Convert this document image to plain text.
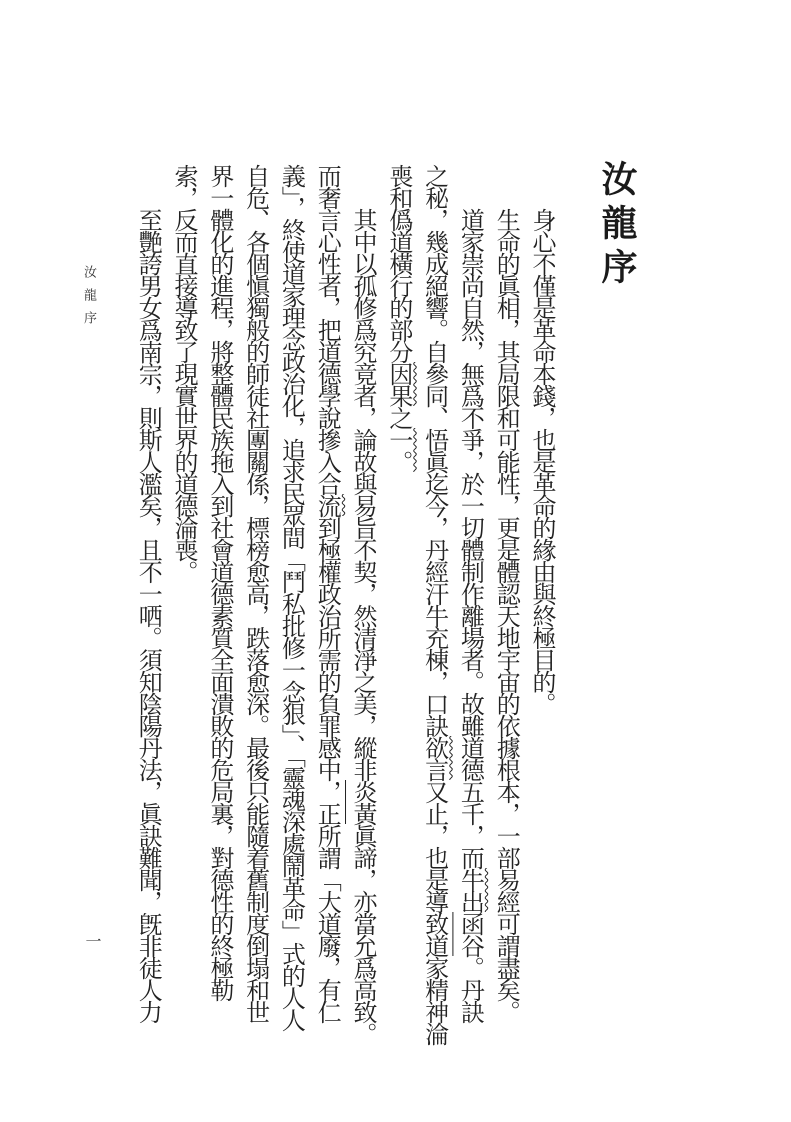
汝龍序
身心不僅是革命本錢，也是革命的緣由與終極目的。
生命的眞相，其局限和可能性，更是體認天地宇宙的依據根本，一部易經可謂盡矣。
道家崇尚自然，無爲不爭，於一切體制作離場者。故雖道德五千，而牛出函谷。丹訣
之秘，幾成絕響。自參同、悟眞迄今，丹經汗牛充棟，口訣欲言又止，也是導致道家精神淪
喪和僞道橫行的部分因果之一。
其中以孤修爲究竟者，論故與易旨不契，然清淨之美，縱非炎黃眞諦，亦當允爲高致。
而奢言心性者，把道德學說摻入合流到極權政治所需的負罪感中，正所謂「大道廢，有仁
義」，終使道家理念政治化，追求民眾間「鬥私批修一念狠」、「靈魂深處鬧革命」式的人人
自危、各個愼獨般的師徒社團關係，標榜愈高，跌落愈深。最後只能隨着舊制度倒塌和世
界一體化的進程，將整體民族拖入到社會道德素質全面潰敗的危局裏，對德性的終極勒
索，反而直接導致了現實世界的道德淪喪。
至艷誇男女爲南宗，則斯人濫矣，且不一哂。須知陰陽丹法，眞訣難聞，旣非徒人力
汝龍序
一
